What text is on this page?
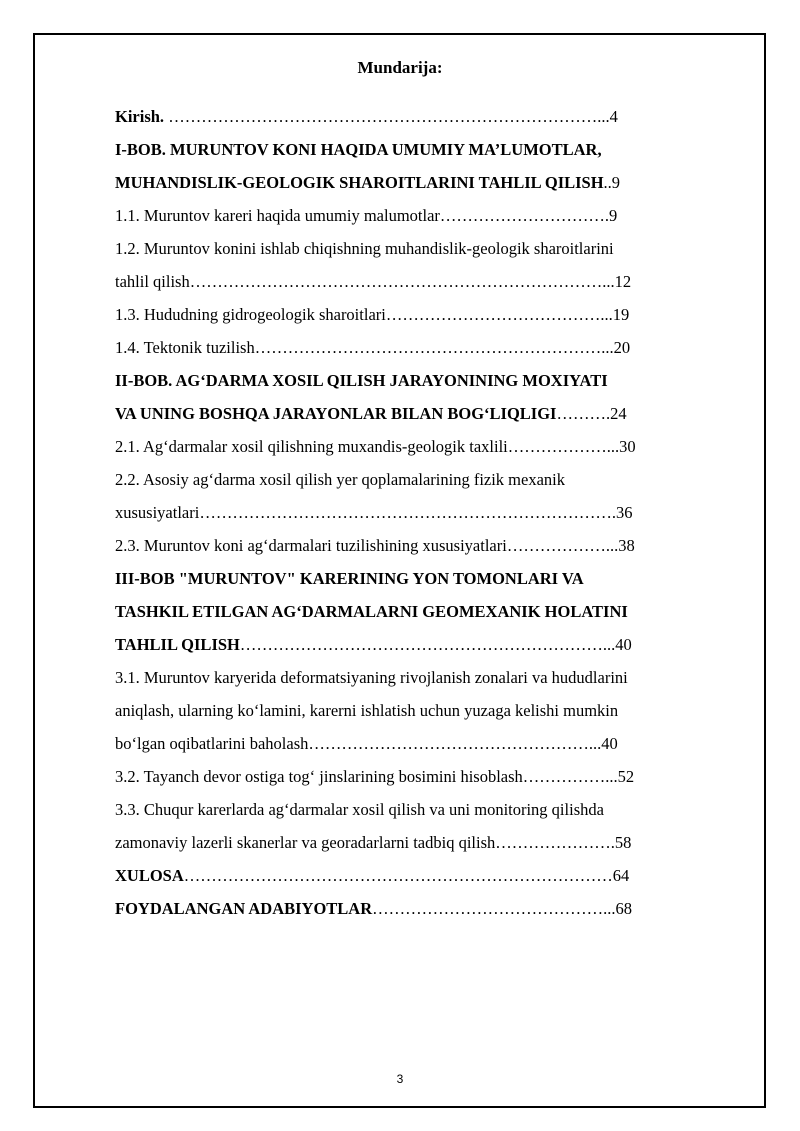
Mundarija:
Kirish. ……………………………………………………………………...4
I-BOB. MURUNTOV KONI HAQIDA UMUMIY MA’LUMOTLAR,
MUHANDISLIK-GEOLOGIK SHAROITLARINI TAHLIL QILISH..9
1.1. Muruntov kareri haqida umumiy malumotlar………………………….9
1.2. Muruntov konini ishlab chiqishning muhandislik-geologik sharoitlarini
tahlil qilish…………………………………………………………………...12
1.3. Hududning gidrogeologik sharoitlari…………………………………...19
1.4. Tektonik tuzilish………………………………………………………...20
II-BOB. AG‘DARMA XOSIL QILISH JARAYONINING MOXIYATI
VA UNING BOSHQA JARAYONLAR BILAN BOG‘LIQLIGI……….24
2.1. Ag‘darmalar xosil qilishning muxandis-geologik taxlili………………...30
2.2. Asosiy ag‘darma xosil qilish yer qoplamalarining fizik mexanik
xususiyatlari………………………………………………………………….36
2.3. Muruntov koni ag‘darmalari tuzilishining xususiyatlari………………...38
III-BOB "MURUNTOV" KARERINING YON TOMONLARI VA
TASHKIL ETILGAN AG‘DARMALARNI GEOMEXANIK HOLATINI
TAHLIL QILISH…………………………………………………………...40
3.1. Muruntov karyerida deformatsiyaning rivojlanish zonalari va hududlarini
aniqlash, ularning ko‘lamini, karerni ishlatish uchun yuzaga kelishi mumkin
bo‘lgan oqibatlarini baholash……………………………………………...40
3.2. Tayanch devor ostiga tog‘ jinslarining bosimini hisoblash……………...52
3.3. Chuqur karerlarda ag‘darmalar xosil qilish va uni monitoring qilishda
zamonaviy lazerli skanerlar va georadarlarni tadbiq qilish………………….58
XULOSA……………………………………………………………………64
FOYDALANGAN ADABIYOTLAR……………………………………...68
3
